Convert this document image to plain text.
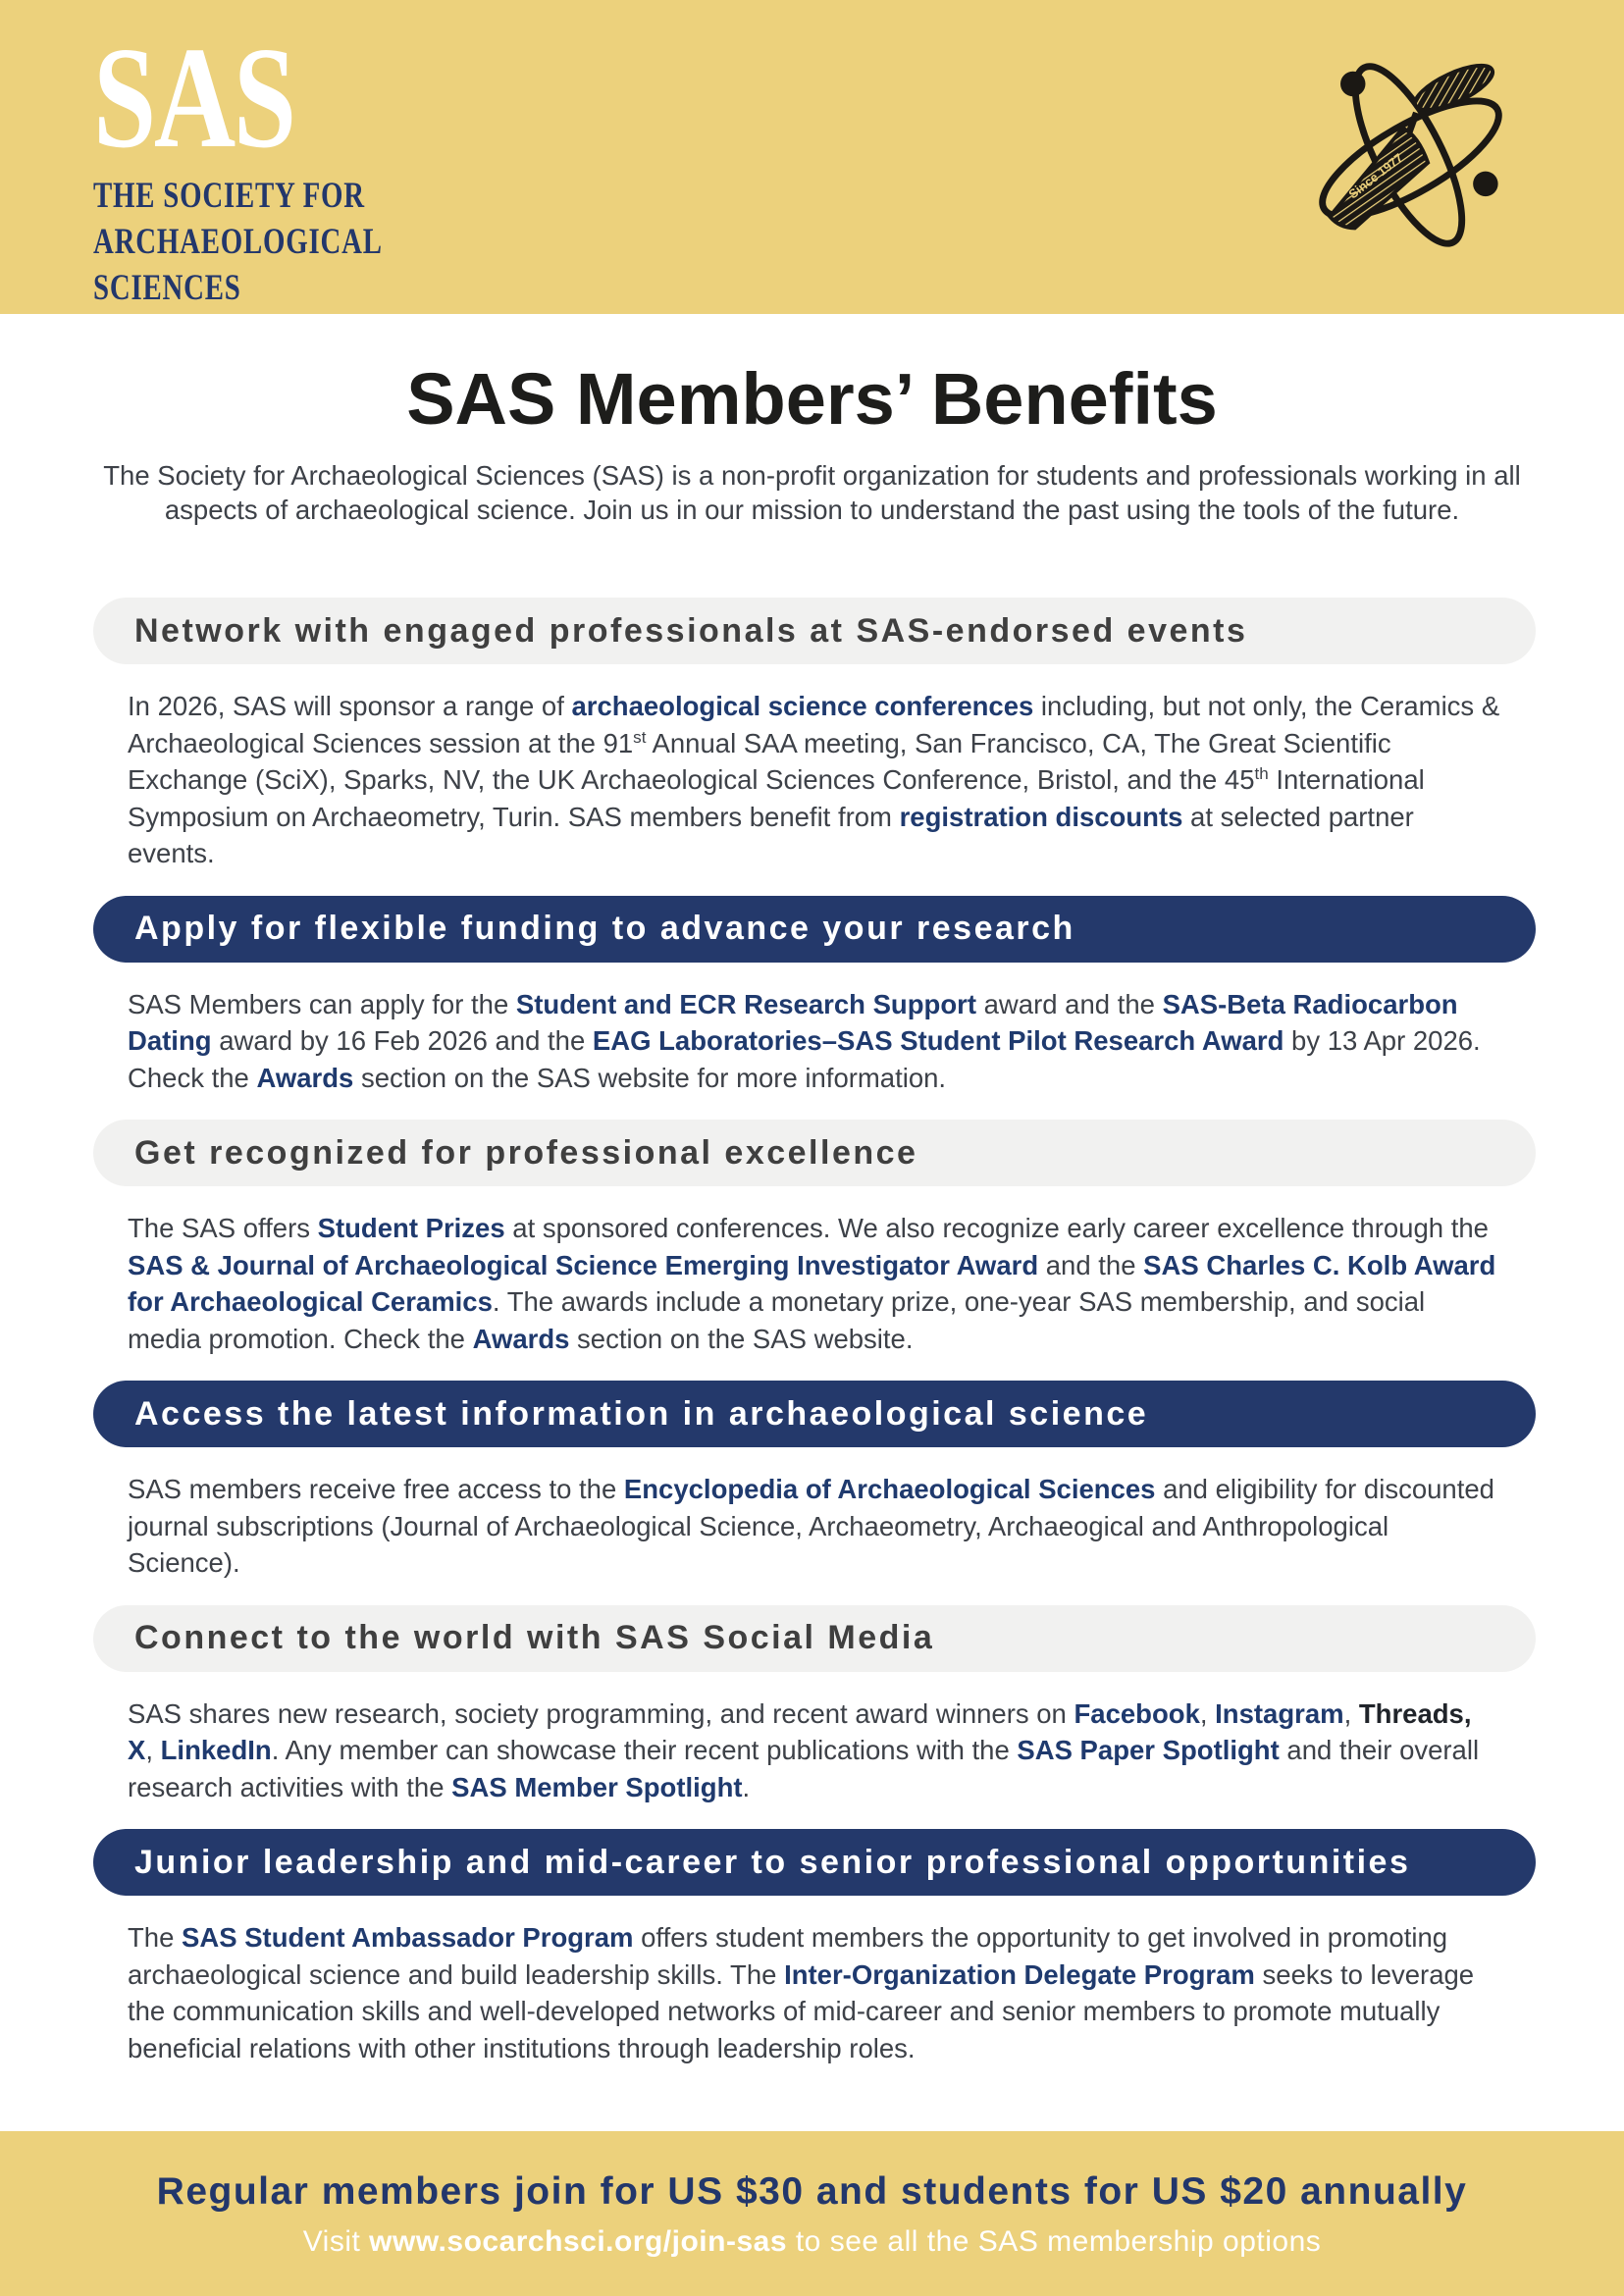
SAS
THE SOCIETY FOR
ARCHAEOLOGICAL
SCIENCES
Since 1977
SAS Members’ Benefits
The Society for Archaeological Sciences (SAS) is a non-profit organization for students and professionals working in all aspects of archaeological science. Join us in our mission to understand the past using the tools of the future.
Network with engaged professionals at SAS-endorsed events
In 2026, SAS will sponsor a range of archaeological science conferences including, but not only, the Ceramics & Archaeological Sciences session at the 91st Annual SAA meeting, San Francisco, CA, The Great Scientific Exchange (SciX), Sparks, NV, the UK Archaeological Sciences Conference, Bristol, and the 45th International Symposium on Archaeometry, Turin. SAS members benefit from registration discounts at selected partner events.
Apply for flexible funding to advance your research
SAS Members can apply for the Student and ECR Research Support award and the SAS-Beta Radiocarbon Dating award by 16 Feb 2026 and the EAG Laboratories–SAS Student Pilot Research Award by 13 Apr 2026. Check the Awards section on the SAS website for more information.
Get recognized for professional excellence
The SAS offers Student Prizes at sponsored conferences. We also recognize early career excellence through the SAS & Journal of Archaeological Science Emerging Investigator Award and the SAS Charles C. Kolb Award for Archaeological Ceramics. The awards include a monetary prize, one-year SAS membership, and social media promotion. Check the Awards section on the SAS website.
Access the latest information in archaeological science
SAS members receive free access to the Encyclopedia of Archaeological Sciences and eligibility for discounted journal subscriptions (Journal of Archaeological Science, Archaeometry, Archaeogical and Anthropological Science).
Connect to the world with SAS Social Media
SAS shares new research, society programming, and recent award winners on Facebook, Instagram, Threads, X, LinkedIn. Any member can showcase their recent publications with the SAS Paper Spotlight and their overall research activities with the SAS Member Spotlight.
Junior leadership and mid-career to senior professional opportunities
The SAS Student Ambassador Program offers student members the opportunity to get involved in promoting archaeological science and build leadership skills. The Inter-Organization Delegate Program seeks to leverage the communication skills and well-developed networks of mid-career and senior members to promote mutually beneficial relations with other institutions through leadership roles.
Regular members join for US $30 and students for US $20 annually
Visit www.socarchsci.org/join-sas to see all the SAS membership options
